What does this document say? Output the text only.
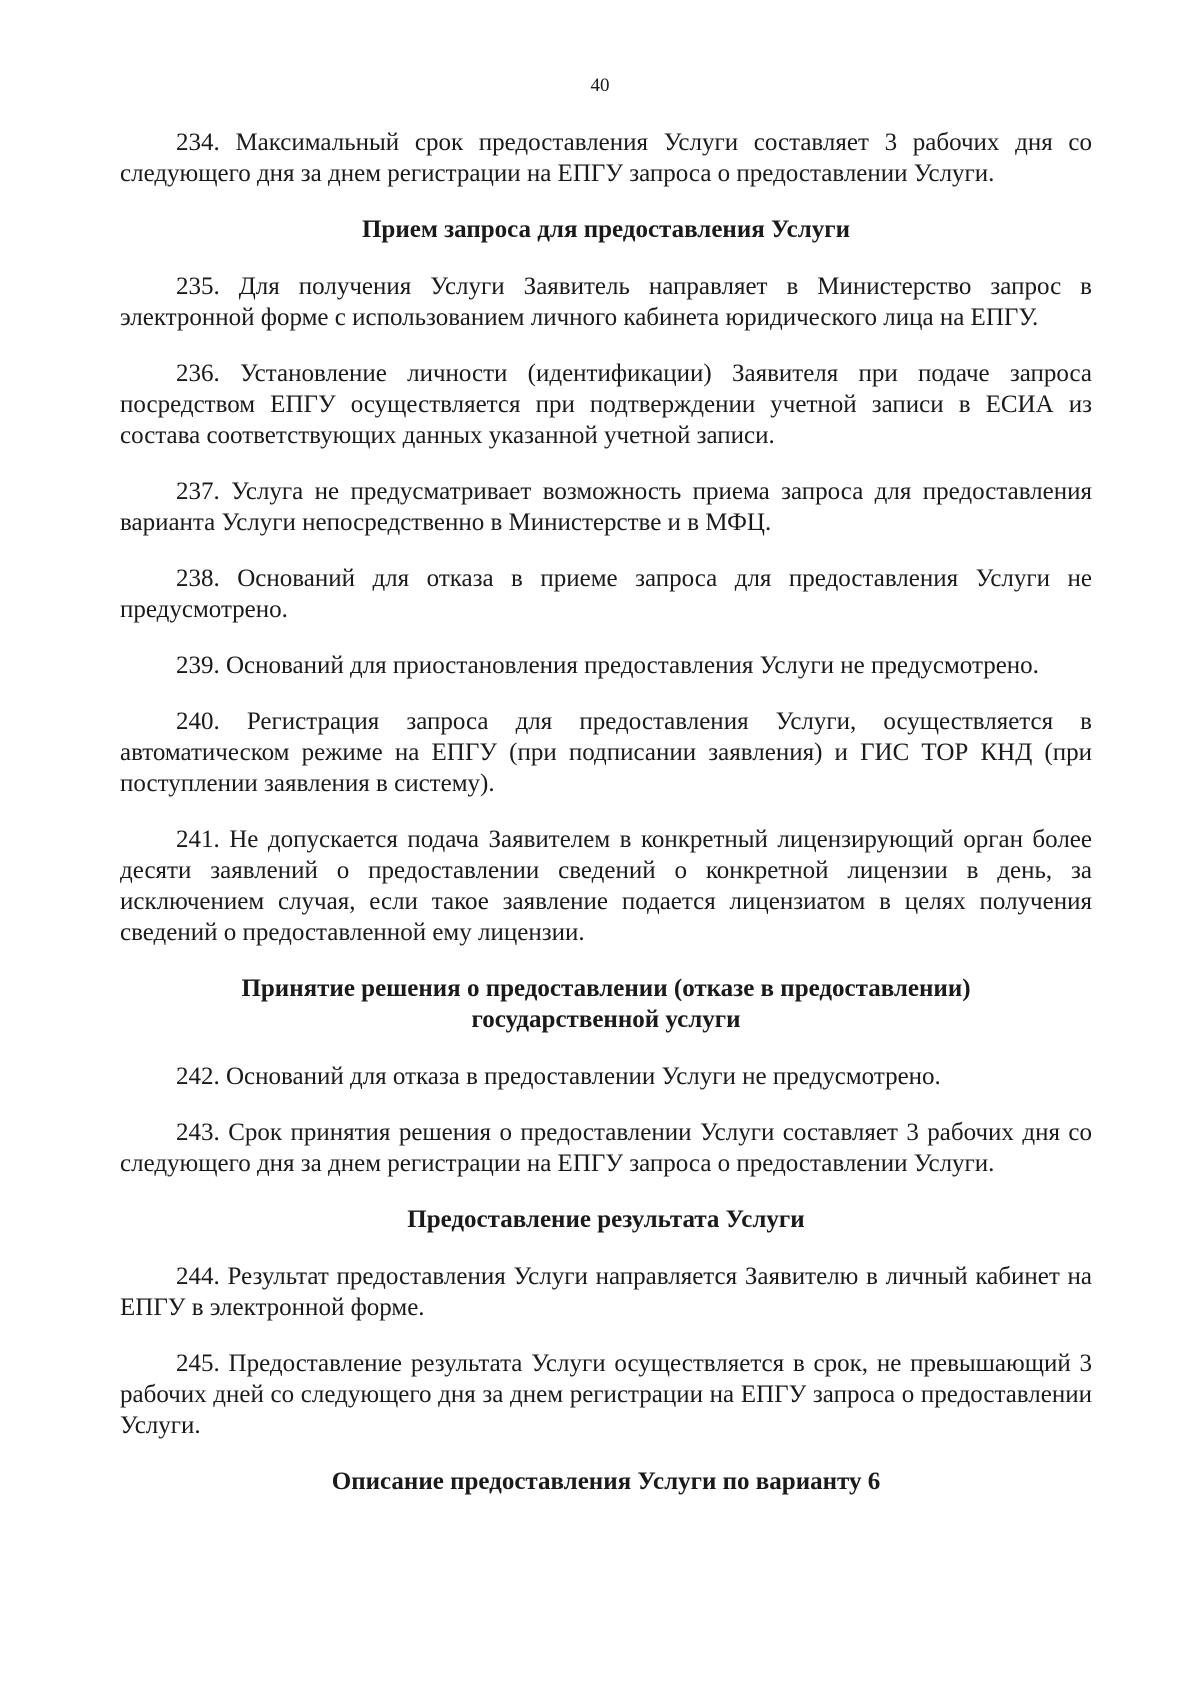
40
234. Максимальный срок предоставления Услуги составляет 3 рабочих дня со следующего дня за днем регистрации на ЕПГУ запроса о предоставлении Услуги.
Прием запроса для предоставления Услуги
235. Для получения Услуги Заявитель направляет в Министерство запрос в электронной форме с использованием личного кабинета юридического лица на ЕПГУ.
236. Установление личности (идентификации) Заявителя при подаче запроса посредством ЕПГУ осуществляется при подтверждении учетной записи в ЕСИА из состава соответствующих данных указанной учетной записи.
237. Услуга не предусматривает возможность приема запроса для предоставления варианта Услуги непосредственно в Министерстве и в МФЦ.
238. Оснований для отказа в приеме запроса для предоставления Услуги не предусмотрено.
239. Оснований для приостановления предоставления Услуги не предусмотрено.
240. Регистрация запроса для предоставления Услуги, осуществляется в автоматическом режиме на ЕПГУ (при подписании заявления) и ГИС ТОР КНД (при поступлении заявления в систему).
241. Не допускается подача Заявителем в конкретный лицензирующий орган более десяти заявлений о предоставлении сведений о конкретной лицензии в день, за исключением случая, если такое заявление подается лицензиатом в целях получения сведений о предоставленной ему лицензии.
Принятие решения о предоставлении (отказе в предоставлении)
государственной услуги
242. Оснований для отказа в предоставлении Услуги не предусмотрено.
243. Срок принятия решения о предоставлении Услуги составляет 3 рабочих дня со следующего дня за днем регистрации на ЕПГУ запроса о предоставлении Услуги.
Предоставление результата Услуги
244. Результат предоставления Услуги направляется Заявителю в личный кабинет на ЕПГУ в электронной форме.
245. Предоставление результата Услуги осуществляется в срок, не превышающий 3 рабочих дней со следующего дня за днем регистрации на ЕПГУ запроса о предоставлении Услуги.
Описание предоставления Услуги по варианту 6
